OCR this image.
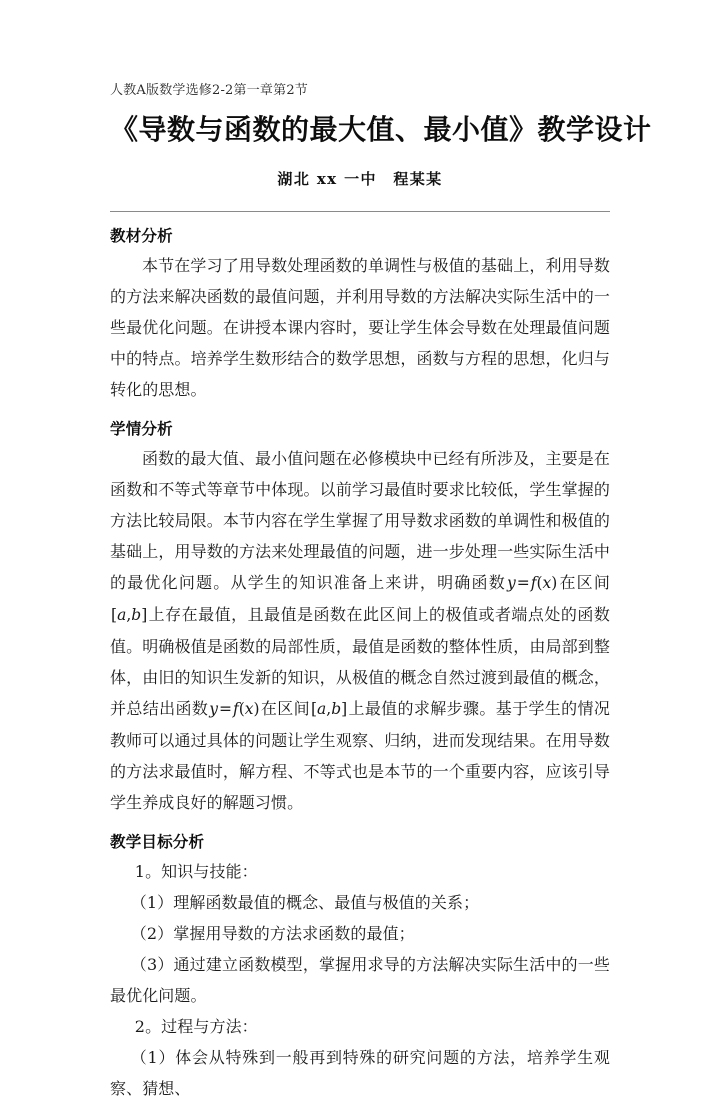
人教A版数学选修2-2第一章第2节
《导数与函数的最大值、最小值》教学设计
湖北 xx 一中　程某某
教材分析

本节在学习了用导数处理函数的单调性与极值的基础上，利用导数的方法来解决函数的最值问题，并利用导数的方法解决实际生活中的一些最优化问题。在讲授本课内容时，要让学生体会导数在处理最值问题中的特点。培养学生数形结合的数学思想，函数与方程的思想，化归与转化的思想。

学情分析

函数的最大值、最小值问题在必修模块中已经有所涉及，主要是在函数和不等式等章节中体现。以前学习最值时要求比较低，学生掌握的方法比较局限。本节内容在学生掌握了用导数求函数的单调性和极值的基础上，用导数的方法来处理最值的问题，进一步处理一些实际生活中的最优化问题。从学生的知识准备上来讲，明确函数y=f(x)在区间[a,b]上存在最值，且最值是函数在此区间上的极值或者端点处的函数值。明确极值是函数的局部性质，最值是函数的整体性质，由局部到整体，由旧的知识生发新的知识，从极值的概念自然过渡到最值的概念，并总结出函数y=f(x)在区间[a,b]上最值的求解步骤。基于学生的情况教师可以通过具体的问题让学生观察、归纳，进而发现结果。在用导数的方法求最值时，解方程、不等式也是本节的一个重要内容，应该引导学生养成良好的解题习惯。

教学目标分析

1。知识与技能：

（1）理解函数最值的概念、最值与极值的关系；

（2）掌握用导数的方法求函数的最值；

（3）通过建立函数模型，掌握用求导的方法解决实际生活中的一些最优化问题。

2。过程与方法：

（1）体会从特殊到一般再到特殊的研究问题的方法，培养学生观察、猜想、
